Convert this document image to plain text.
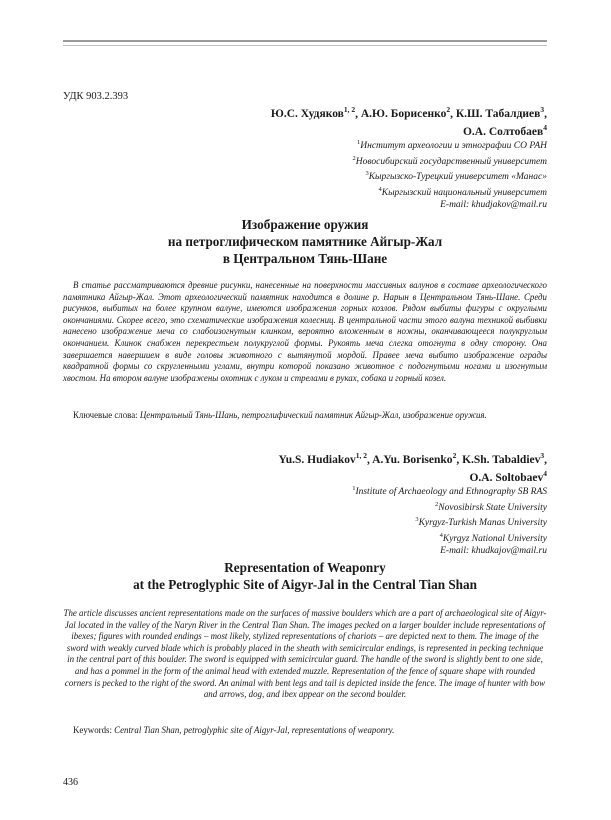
УДК 903.2.393
Ю.С. Худяков$^{1, 2}$, А.Ю. Борисенко$^2$, К.Ш. Табалдиев$^3$,
О.А. Солтобаев$^4$
$^1$Институт археологии и этнографии СО РАН
$^2$Новосибирский государственный университет
$^3$Кыргызско-Турецкий университет «Манас»
$^4$Кыргызский национальный университет
E-mail: khudjakov@mail.ru
Изображение оружия
на петроглифическом памятнике Айгыр-Жал
в Центральном Тянь-Шане

В статье рассматриваются древние рисунки, нанесенные на поверхности массивных валунов в составе археологического памятника Айгыр-Жал. Этот археологический памятник находится в долине р. Нарын в Центральном Тянь-Шане. Среди рисунков, выбитых на более крупном валуне, имеются изображения горных козлов. Рядом выбиты фигуры с округлыми окончаниями. Скорее всего, это схематические изображения колесниц. В центральной части этого валуна техникой выбивки нанесено изображение меча со слабоизогнутым клинком, вероятно вложенным в ножны, оканчивающееся полукруглым окончанием. Клинок снабжен перекрестьем полукруглой формы. Рукоять меча слегка отогнута в одну сторону. Она завершается навершием в виде головы животного с вытянутой мордой. Правее меча выбито изображение ограды квадратной формы со скругленными углами, внутри которой показано животное с подогнутыми ногами и изогнутым хвостом. На втором валуне изображены охотник с луком и стрелами в руках, собака и горный козел.

Ключевые слова: Центральный Тянь-Шань, петроглифический памятник Айгыр-Жал, изображение оружия.
Yu.S. Hudiakov$^{1, 2}$, A.Yu. Borisenko$^2$, K.Sh. Tabaldiev$^3$,
O.A. Soltobaev$^4$
$^1$Institute of Archaeology and Ethnography SB RAS
$^2$Novosibirsk State University
$^3$Kyrgyz-Turkish Manas University
$^4$Kyrgyz National University
E-mail: khudkajov@mail.ru
Representation of Weaponry
at the Petroglyphic Site of Aigyr-Jal in the Central Tian Shan

The article discusses ancient representations made on the surfaces of massive boulders which are a part of archaeological site of Aigyr-Jal located in the valley of the Naryn River in the Central Tian Shan. The images pecked on a larger boulder include representations of ibexes; figures with rounded endings – most likely, stylized representations of chariots – are depicted next to them. The image of the sword with weakly curved blade which is probably placed in the sheath with semicircular endings, is represented in pecking technique in the central part of this boulder. The sword is equipped with semicircular guard. The handle of the sword is slightly bent to one side, and has a pommel in the form of the animal head with extended muzzle. Representation of the fence of square shape with rounded corners is pecked to the right of the sword. An animal with bent legs and tail is depicted inside the fence. The image of hunter with bow and arrows, dog, and ibex appear on the second boulder.

Keywords: Central Tian Shan, petroglyphic site of Aigyr-Jal, representations of weaponry.
436
